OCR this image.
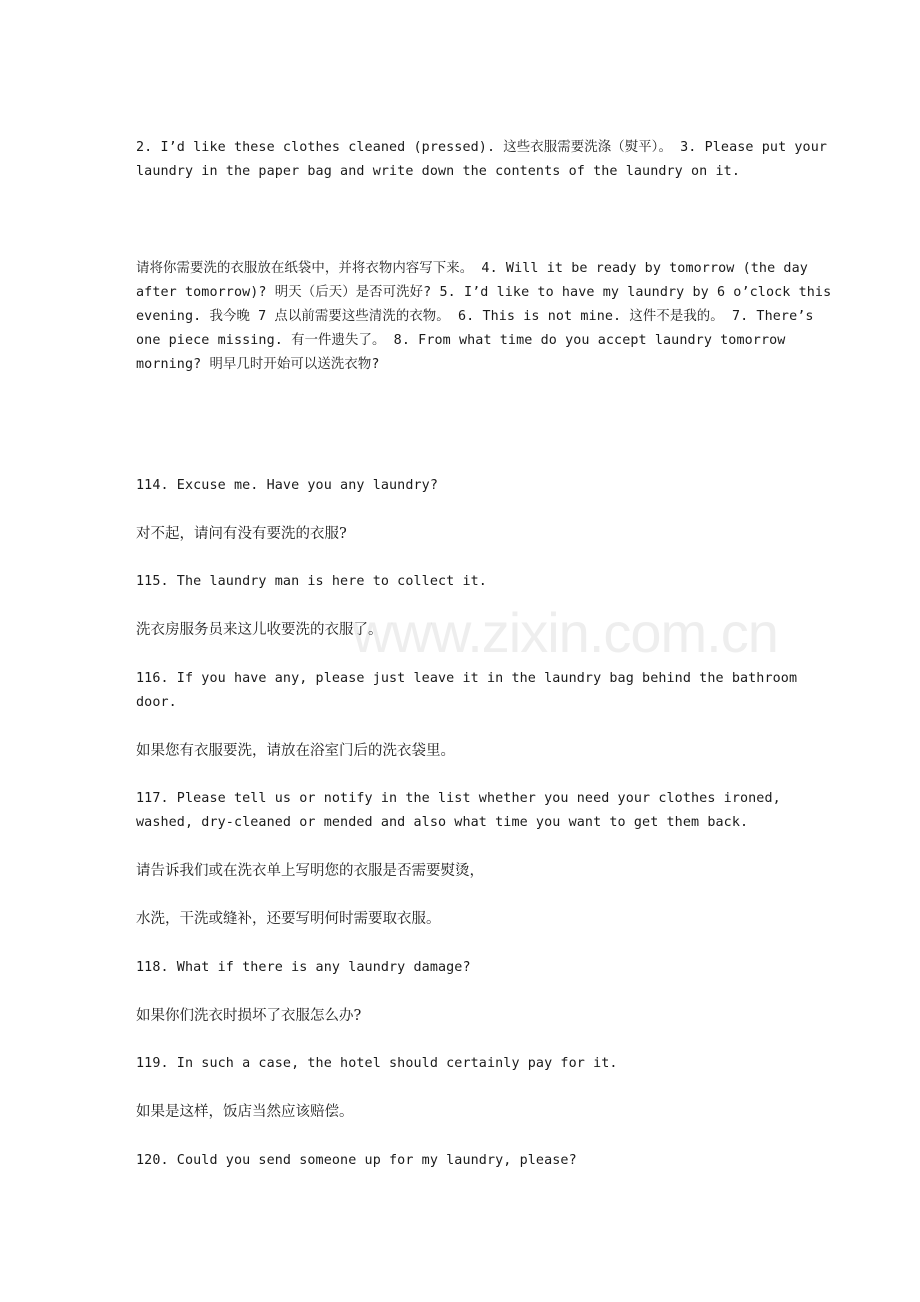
www.zixin.com.cn

2. I’d like these clothes cleaned (pressed). 这些衣服需要洗涤（熨平）。 3. Please put your laundry in the paper bag and write down the contents of the laundry on it.

请将你需要洗的衣服放在纸袋中，并将衣物内容写下来。 4. Will it be ready by tomorrow (the day after tomorrow)? 明天（后天）是否可洗好? 5. I’d like to have my laundry by 6 o’clock this evening. 我今晚 7 点以前需要这些清洗的衣物。 6. This is not mine. 这件不是我的。 7. There’s one piece missing. 有一件遗失了。 8. From what time do you accept laundry tomorrow morning? 明早几时开始可以送洗衣物?

114. Excuse me. Have you any laundry?

对不起，请问有没有要洗的衣服?

115. The laundry man is here to collect it.

洗衣房服务员来这儿收要洗的衣服了。

116. If you have any, please just leave it in the laundry bag behind the bathroom door.

如果您有衣服要洗，请放在浴室门后的洗衣袋里。

117. Please tell us or notify in the list whether you need your clothes ironed, washed, dry-cleaned or mended and also what time you want to get them back.

请告诉我们或在洗衣单上写明您的衣服是否需要熨烫，

水洗，干洗或缝补，还要写明何时需要取衣服。

118. What if there is any laundry damage?

如果你们洗衣时损坏了衣服怎么办?

119. In such a case, the hotel should certainly pay for it.

如果是这样，饭店当然应该赔偿。

120. Could you send someone up for my laundry, please?
